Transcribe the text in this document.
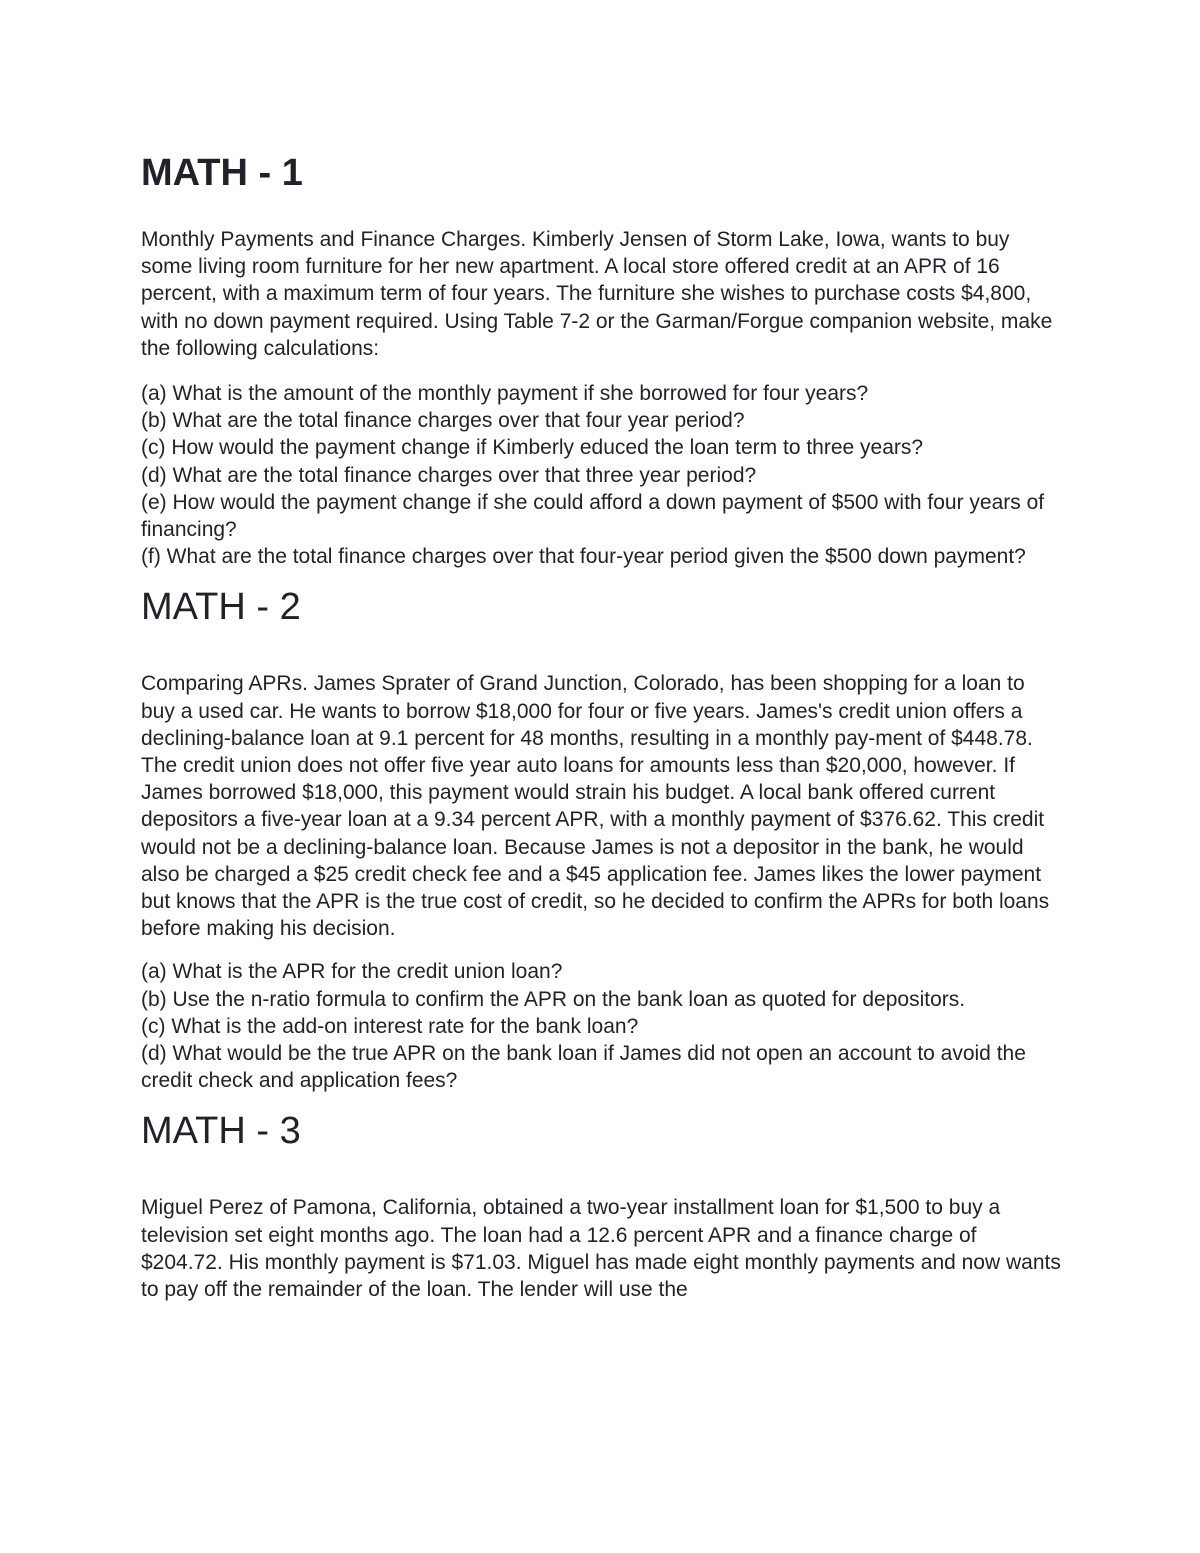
MATH - 1

Monthly Payments and Finance Charges. Kimberly Jensen of Storm Lake, Iowa, wants to buy some living room furniture for her new apartment. A local store offered credit at an APR of 16 percent, with a maximum term of four years. The furniture she wishes to purchase costs $4,800, with no down payment required. Using Table 7-2 or the Garman/Forgue companion website, make the following calculations:

(a) What is the amount of the monthly payment if she borrowed for four years?
(b) What are the total finance charges over that four year period?
(c) How would the payment change if Kimberly educed the loan term to three years?
(d) What are the total finance charges over that three year period?
(e) How would the payment change if she could afford a down payment of $500 with four years of financing?
(f) What are the total finance charges over that four-year period given the $500 down payment?
MATH - 2

Comparing APRs. James Sprater of Grand Junction, Colorado, has been shopping for a loan to buy a used car. He wants to borrow $18,000 for four or five years. James's credit union offers a declining-balance loan at 9.1 percent for 48 months, resulting in a monthly pay-ment of $448.78. The credit union does not offer five year auto loans for amounts less than $20,000, however. If James borrowed $18,000, this payment would strain his budget. A local bank offered current depositors a five-year loan at a 9.34 percent APR, with a monthly payment of $376.62. This credit would not be a declining-balance loan. Because James is not a depositor in the bank, he would also be charged a $25 credit check fee and a $45 application fee. James likes the lower payment but knows that the APR is the true cost of credit, so he decided to confirm the APRs for both loans before making his decision.

(a) What is the APR for the credit union loan?
(b) Use the n-ratio formula to confirm the APR on the bank loan as quoted for depositors.
(c) What is the add-on interest rate for the bank loan?
(d) What would be the true APR on the bank loan if James did not open an account to avoid the credit check and application fees?
MATH - 3

Miguel Perez of Pamona, California, obtained a two-year installment loan for $1,500 to buy a television set eight months ago. The loan had a 12.6 percent APR and a finance charge of $204.72. His monthly payment is $71.03. Miguel has made eight monthly payments and now wants to pay off the remainder of the loan. The lender will use the
